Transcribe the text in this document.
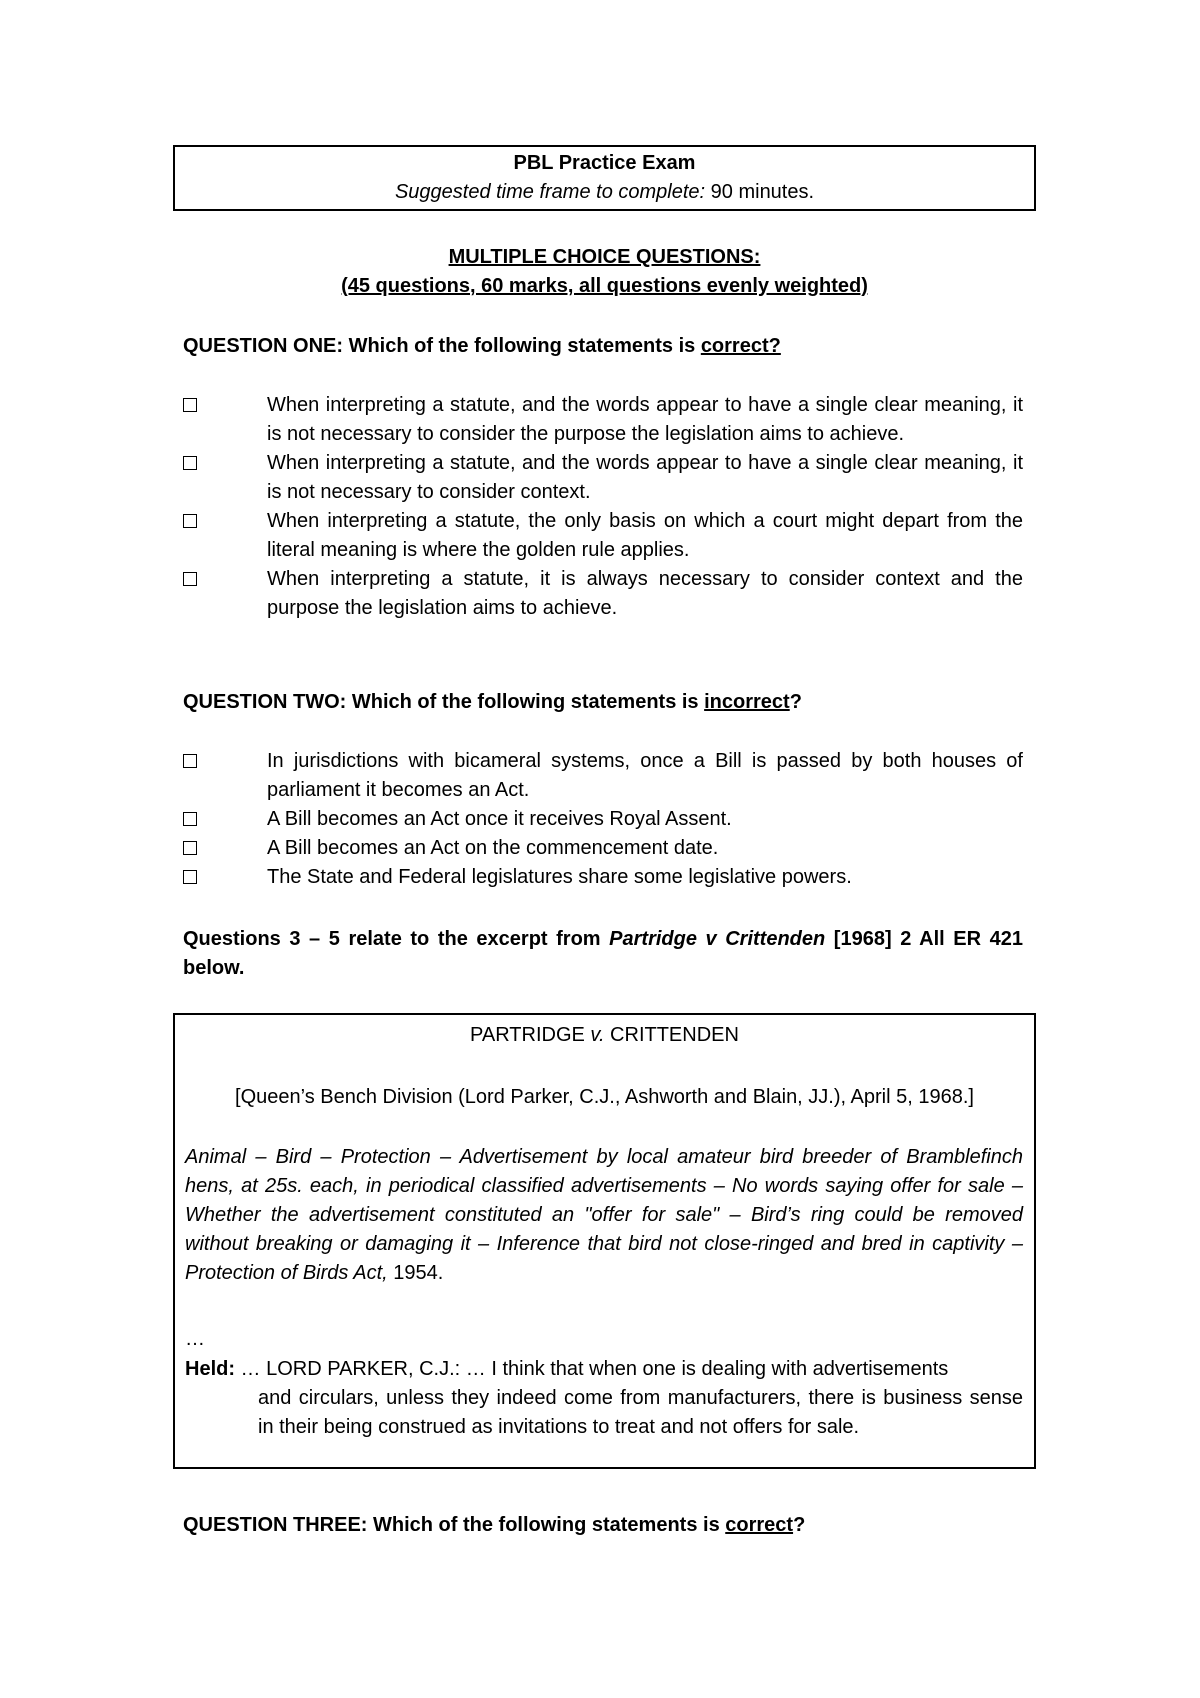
PBL Practice Exam
Suggested time frame to complete: 90 minutes.
MULTIPLE CHOICE QUESTIONS:
(45 questions, 60 marks, all questions evenly weighted)
QUESTION ONE: Which of the following statements is correct?
When interpreting a statute, and the words appear to have a single clear meaning, it is not necessary to consider the purpose the legislation aims to achieve.
When interpreting a statute, and the words appear to have a single clear meaning, it is not necessary to consider context.
When interpreting a statute, the only basis on which a court might depart from the literal meaning is where the golden rule applies.
When interpreting a statute, it is always necessary to consider context and the purpose the legislation aims to achieve.
QUESTION TWO: Which of the following statements is incorrect?
In jurisdictions with bicameral systems, once a Bill is passed by both houses of parliament it becomes an Act.
A Bill becomes an Act once it receives Royal Assent.
A Bill becomes an Act on the commencement date.
The State and Federal legislatures share some legislative powers.
Questions 3 – 5 relate to the excerpt from Partridge v Crittenden [1968] 2 All ER 421 below.
PARTRIDGE v. CRITTENDEN
[Queen’s Bench Division (Lord Parker, C.J., Ashworth and Blain, JJ.), April 5, 1968.]
Animal – Bird – Protection – Advertisement by local amateur bird breeder of Bramblefinch hens, at 25s. each, in periodical classified advertisements – No words saying offer for sale – Whether the advertisement constituted an "offer for sale" – Bird’s ring could be removed without breaking or damaging it – Inference that bird not close-ringed and bred in captivity – Protection of Birds Act, 1954.
…
Held: … LORD PARKER, C.J.: … I think that when one is dealing with advertisements
and circulars, unless they indeed come from manufacturers, there is business sense in their being construed as invitations to treat and not offers for sale.
QUESTION THREE: Which of the following statements is correct?
